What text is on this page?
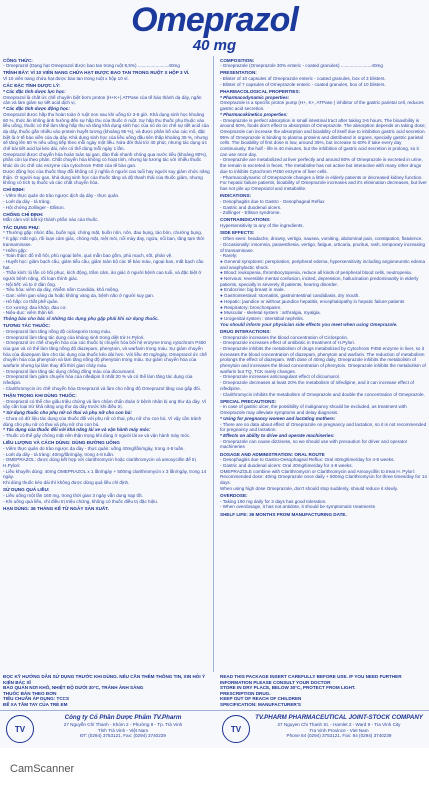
Omeprazol
40 mg
CÔNG THỨC:
- Omeprazol (Dạng hạt Omeprazol được bao tan trong ruột 8,5%) ........................40mg
TRÌNH BÀY: VỈ 10 VIÊN NANG CHỨA HẠT ĐƯỢC BAO TAN TRONG RUỘT X HỘP 3 VỈ.
Vỉ 10 viên nang chứa hạt được bao tan trong ruột x hộp 10 vỉ.
CÁC ĐẶC TÍNH DƯỢC LÝ:
* Các đặc tính dược lực học:
Omeprazol là chất ức chế chuyên biệt bơm proton (H+K+) ATPase của tế bào thành dạ dày, ngăn cản và làm giảm sự tiết acid dịch vị.
* Các đặc tính dược động học:
Omeprazol được hấp thu hoàn toàn ở ruột non sau khi uống từ 3-6 giờ. Khả dụng sinh học khoảng 60 %, thức ăn không ảnh hưởng đến sự hấp thu của thuốc ở ruột. Sự hấp thu thuốc phụ thuộc vào liều uống, thuốc có thể làm tăng hấp thu và tăng khả dụng sinh học của nó do ức chế sự tiết acid của dạ dày, thuốc gắn nhiều vào protein huyết tương (khoảng 95 %), và được phân bố vào các mô, đặc biệt là ở tế bào viền của dạ dày. Khả dụng sinh học của liều uống đầu tiên thấp khoảng 35 %, nhưng sẽ tăng lên 60 % nếu uống tiếp theo mỗi ngày một liều. Nửa đời thải trừ 40 phút, nhưng tác dụng ức chế bài tiết acid lại kéo dài, nên có thể dùng mỗi ngày 1 lần.
Omeprazol được chuyển hóa hoàn toàn tại gan, đào thải nhanh chóng qua nước tiểu (khoảng 80%), phần còn lại theo phân. Chất chuyển hóa không có hoạt tính, nhưng lại tương tác với nhiều thuốc khác do ức chế các enzyme của cytochrom P450 của tế bào gan.
Dược động học của thuốc thay đổi không có ý nghĩa ở người cao tuổi hay người suy giảm chức năng thận. Ở người suy gan, khả dụng sinh học của thuốc tăng và độ thanh thải của thuốc giảm, nhưng không có tích tụ thuốc và các chất chuyển hóa.
CHỈ ĐỊNH:
- Viêm thực quản do trào ngược dịch dạ dày - thực quản.
- Loét dạ dày - tá tràng.
- Hội chứng Zollinger - Ellison.
CHỐNG CHỈ ĐỊNH:
Mẫn cảm với bất kỳ thành phần nào của thuốc.
TÁC DỤNG PHỤ:
* Thường gặp: nhức đầu, buồn ngủ, chóng mặt, buồn nôn, nôn, đau bụng, táo bón, chướng bụng.
* Ít gặp: mất ngủ, rối loạn cảm giác, chóng mặt, mệt mỏi, nổi mày đay, ngứa, nổi ban, tăng tạm thời transaminase.
* Hiếm gặp:
- Toàn thân: đổ mồ hôi, phù ngoại biên, quá mẫn bao gồm, phù mạch, sốt, phản vệ.
- Huyết học: giảm bạch cầu, giảm tiểu cầu, giảm toàn bộ các tế bào máu, ngoại ban, mất bạch cầu hạt.
- Thần kinh: lú lẫn có hồi phục, kích động, trầm cảm, ảo giác ở người bệnh cao tuổi, và đặc biệt ở người bệnh nặng, rối loạn thính giác.
- Nội tiết: vú to ở đàn ông.
- Tiêu hóa: viêm dạ dày, nhiễm nấm Candida, khô miệng.
- Gan: viêm gan vàng da hoặc không vàng da, bệnh não ở người suy gan.
- Hô hấp: co thắt phế quản.
- Cơ xương: đau khớp, đau cơ.
- Niệu-dục: viêm thận kẽ.
Thông báo cho bác sĩ những tác dụng phụ gặp phải khi sử dụng thuốc.
TƯƠNG TÁC THUỐC:
- Omeprazol làm tăng nồng độ ciclosporin trong máu.
- Omeprazol làm tăng tác dụng của kháng sinh trong diệt trừ H.Pylori.
- Omeprazol ức chế chuyển hóa của các thuốc bị chuyển hóa bởi hệ enzyme trong cytochrom P450 của gan và có thể làm tăng nồng độ diazepam, phenytoin, và warfarin trong máu. Sự giảm chuyển hóa của diazepam làm cho tác dụng của thuốc kéo dài hơn. Với liều 40 mg/ngày, Omeprazol ức chế chuyển hóa của phenytoin và làm tăng nồng độ phenytoin trong máu. Sự giảm chuyển hóa của warfarin nhưng lại làm thay đổi thời gian chảy máu.
- Omeprazol làm tăng tác dụng chống đông máu của dicoumarol.
- Omeprazol làm giảm chuyển hóa của nifedipin ít nhất 20 % và có thể làm tăng tác dụng của nifedipin.
- Clarithromycin ức chế chuyển hóa Omeprazol và làm cho nồng độ Omeprazol tăng cao gấp đôi.
THẬN TRỌNG KHI DÙNG THUỐC:
- Omeprazol có thể che giấu triệu chứng và làm chậm chẩn đoán ở bệnh nhân bị ung thư dạ dày. Vì vậy cần loại trừ khả năng ung thư dạ dày trước khi điều trị.
* Sử dụng thuốc cho phụ nữ có thai và phụ nữ cho con bú:
- Chưa có dữ liệu tác dụng của thuốc đối với phụ nữ có thai, phụ nữ cho con bú. Vì vậy cần tránh dùng cho phụ nữ có thai và phụ nữ cho con bú.
* Tác dụng của thuốc đối với khả năng lái xe và vận hành máy móc:
- Thuốc có thể gây chóng mặt nên thận trọng khi dùng ở người lái xe và vận hành máy móc.
LIỀU LƯỢNG VÀ CÁCH DÙNG: DÙNG ĐƯỜNG UỐNG
- Viêm thực quản do trào ngược dạ dày - thực quản: uống 40mg/lần/ngày, trong 4-8 tuần.
- Loét dạ dày - tá tràng: 40mg/lần/ngày, trong 4-8 tuần.
- OMEPRAZOL: được dùng kết hợp với clarithromycin hoặc clarithromycin và amoxycillin để trị H.Pylori:
- Liều khuyến dùng: 40mg OMEPRAZOL x 1 lần/ngày + 500mg clarithromycin x 3 lần/ngày, trong 14 ngày.
Khi dùng thuốc kéo dài thì không được dùng quá liều chỉ định.
SỬ DỤNG QUÁ LIỀU:
- Liều uống một lần 160 mg, trong thời gian 3 ngày vẫn dung nạp tốt.
- Khi uống quá liều, chỉ điều trị triệu chứng, không có thuốc điều trị đặc hiệu.
HẠN DÙNG: 36 THÁNG KỂ TỪ NGÀY SẢN XUẤT.
COMPOSITION:
- Omeprazole (Omeprazole 30% enteric - coated granules) ........................40mg
PRESENTATION:
- Blister of 10 capsules of Omeprazole enteric - coated granules, box of 3 blisters.
- Blister of 7 capsules of Omeprazole enteric - coated granules, box of 10 blisters.
PHARMACOLOGICAL PROPERTIES:
* Pharmacodynamic properties:
Omeprazole is a specific proton pump (H+, K+, ATPase ) inhibitor of the gastric parietal cell, reduces gastric acid secretion.
* Pharmacokinetics properties:
- Omeprazole is perfect absorption in small intestinal tract after taking 3-6 hours. The bioavibility is around 60%, foods don't effect to absorption of Omeprazole. The absorption depends on taking dose; Omeprazole can increase the absorption and bioability of itself due to inhibition gastric acid secretion. 95% of Omeprazole is binding to plasma proteins and distributed in organs, specially gastric parietal cells. The bioability of first dose is low, around 35%, but increase to 60% if take every day continuously, the half - life is 40 minutes, but the inhibition of gastric acid secretion is prolong, so it can use once day.
- Omeprazole are metabolized at liver perfectly and around 80% of Omeprazole is excreted in urine, the remain is excreted in feces. The metabolite has not active but interactive with many other drugs due to inhibits Cytochrom P450 enzyme of liver cells.
- Pharmacodynamic of Omeprazole changes a little in elderly patients or decreased kidney function. For hepatic failure patients, bioability of Omeprazole increases and it's elimination decreases, but liver has not pile up Omeprazol and metabolite.
INDICATIONS:
- Oesophagitis due to Gastro - Oesophageal Reflux
- Gastric and duodenal ulcers.
- Zollinger - Ellison syndrome.
CONTRAINDICATIONS:
Hypersensitivity to any of the ingredients.
SIDE EFFECTS:
- Often seen: headache, drowsy, vertigo, nausea, vomiting, abdominal pain, constipation, flatulence.
- Occasionally: insomnia, paraesthesia, vertigo, fatigue, urticaria, pruritus, rash, temporary increasing of transaminase.
- Rarely:
● General symptoms: perspiration, peripheral edema, hypersensitivity including angioneurotic edema and anaphylactic shock.
● Blood: leukopenia, thrombocytopenia, reduce all kinds of peripheral blood cells, neutropenia.
● Nervous: reversible mental confusion, incited, depression, hallucination predominantly in elderly patients, specially in severely ill patients, hearing disorder.
● Endocrine: big breast in male.
● Gastrointestinal: stomatitis, gastrointestinal candidiasis, dry mouth.
● Hepatic: jaundice or without jaundice hepatitis, encephalopathy in hepatic failure patients
● Respiratory: bronchospasm.
● Muscular - skeletal system : arthralgia, myalgia.
● Urogenital system : interstitial nephritis.
You should inform your physician side effects you meet when using Omeprazole.
DRUG INTERACTIONS:
- Omeprazole increases the blood concentration of Ciclosporin.
- Omeprazole increases effect of antibiotic in treatment of H.Pylori.
- Omeprazole inhibits the metabolism of drugs metabolized by Cytochrom P450 enzyme in liver, so it increases the blood concentration of diazepam, phenytoin and warfarin. The reduction of metabolism prolongs the effect of diazepam. With dose of 40mg daily, Omeprazole inhibits the metabolism of phenytoin and increases the blood concentration of phenytoin. Omeprazole inhibits the metabolism of warfarin but TQ, TCK rarely changes.
- Omeprazole increases anticoagulant effect of dicoumarol.
- Omeprazole decreases at least 20% the metabolism of nifedipine, and it can increase effect of nifedipine.
- Clarithromycin inhibits the metabolism of Omeprazole and double the concentration of Omeprazole.
SPECIAL PRECAUTIONS:
- In case of gastric ulcer, the possibility of malignancy should be excluded, as treatment with Omeprazole may alleviate symptoms and delay diagnosis.
* Using for pregnancy women and lactating mothers:
- There are no data about effect of Omeprazole on pregnancy and lactation, so it is not recommended for pregnancy and lactation.
* Effects on ability to drive and operate machineries:
- Omeprazole can cause dizziness, so we should use with precaution for driver and operator machineries
DOSAGE AND ADMINISTRATION: ORAL ROUTE
- Oesophagitis due to Gastro-Oesophageal Reflux: Oral 40mg/time/day for 4-8 weeks.
- Gastric and duodenal ulcers: Oral 40mg/time/day for 4-8 weeks.
OMEPRAZOLE combine with Clarithromycin or Clarithromycin and Amoxycillin to treat H. Pylori:
Recommended dose: 40mg Omeprazole once daily + 500mg Clarithromycin for three times/day for 14 days.
When using high dose Omeprazole, don't should stop suddenly, should reduce it slowly.
OVERDOSE:
- Taking 160 mg daily for 3 days has good toleration.
- When overdosage, it has not antidote, it should be symptomatic treatments
SHELF LIFE: 36 MONTHS FROM MANUFACTURING DATE.
ĐỌC KỸ HƯỚNG DẪN SỬ DỤNG TRƯỚC KHI DÙNG. NẾU CẦN THÊM THÔNG TIN, XIN HỎI Ý KIẾN BÁC SĨ
BẢO QUẢN NƠI KHÔ, NHIỆT ĐỘ DƯỚI 30°C, TRÁNH ÁNH SÁNG
THUỐC BÁN THEO ĐƠN
TIÊU CHUẨN ÁP DỤNG: TCCS
ĐỂ XA TẦM TAY CỦA TRẺ EM
READ THIS PACKAGE INSERT CAREFULLY BEFORE USE. IF YOU NEED FURTHER INFORMATION PLEASE CONSULT YOUR DOCTOR
STORE IN DRY PLACE, BELOW 30°C, PROTECT FROM LIGHT.
PRESCRIPTION DRUG.
KEEP OUT OF REACH OF CHILDREN
SPECIFICATION: MANUFACTURER'S
TV
Công ty Cổ Phần Dược Phẩm TV.Pharm
27 Nguyễn Chí Thanh - Khóm 2 - Phường 9 - Tp. Trà Vinh
Tỉnh Trà Vinh - Việt Nam
ĐT: (0294) 3753121, Fax: (0294) 3740239
TV
TV.PHARM PHARMACEUTICAL JOINT-STOCK COMPANY
27 Nguyen Chi Thanh St. - Hamlet 2 - Ward 9 - Tra Vinh City
Tra Vinh Province - Viet Nam
Phone 84 (0294) 3753121, Fax: 84 (0294) 3740239
CamScanner
